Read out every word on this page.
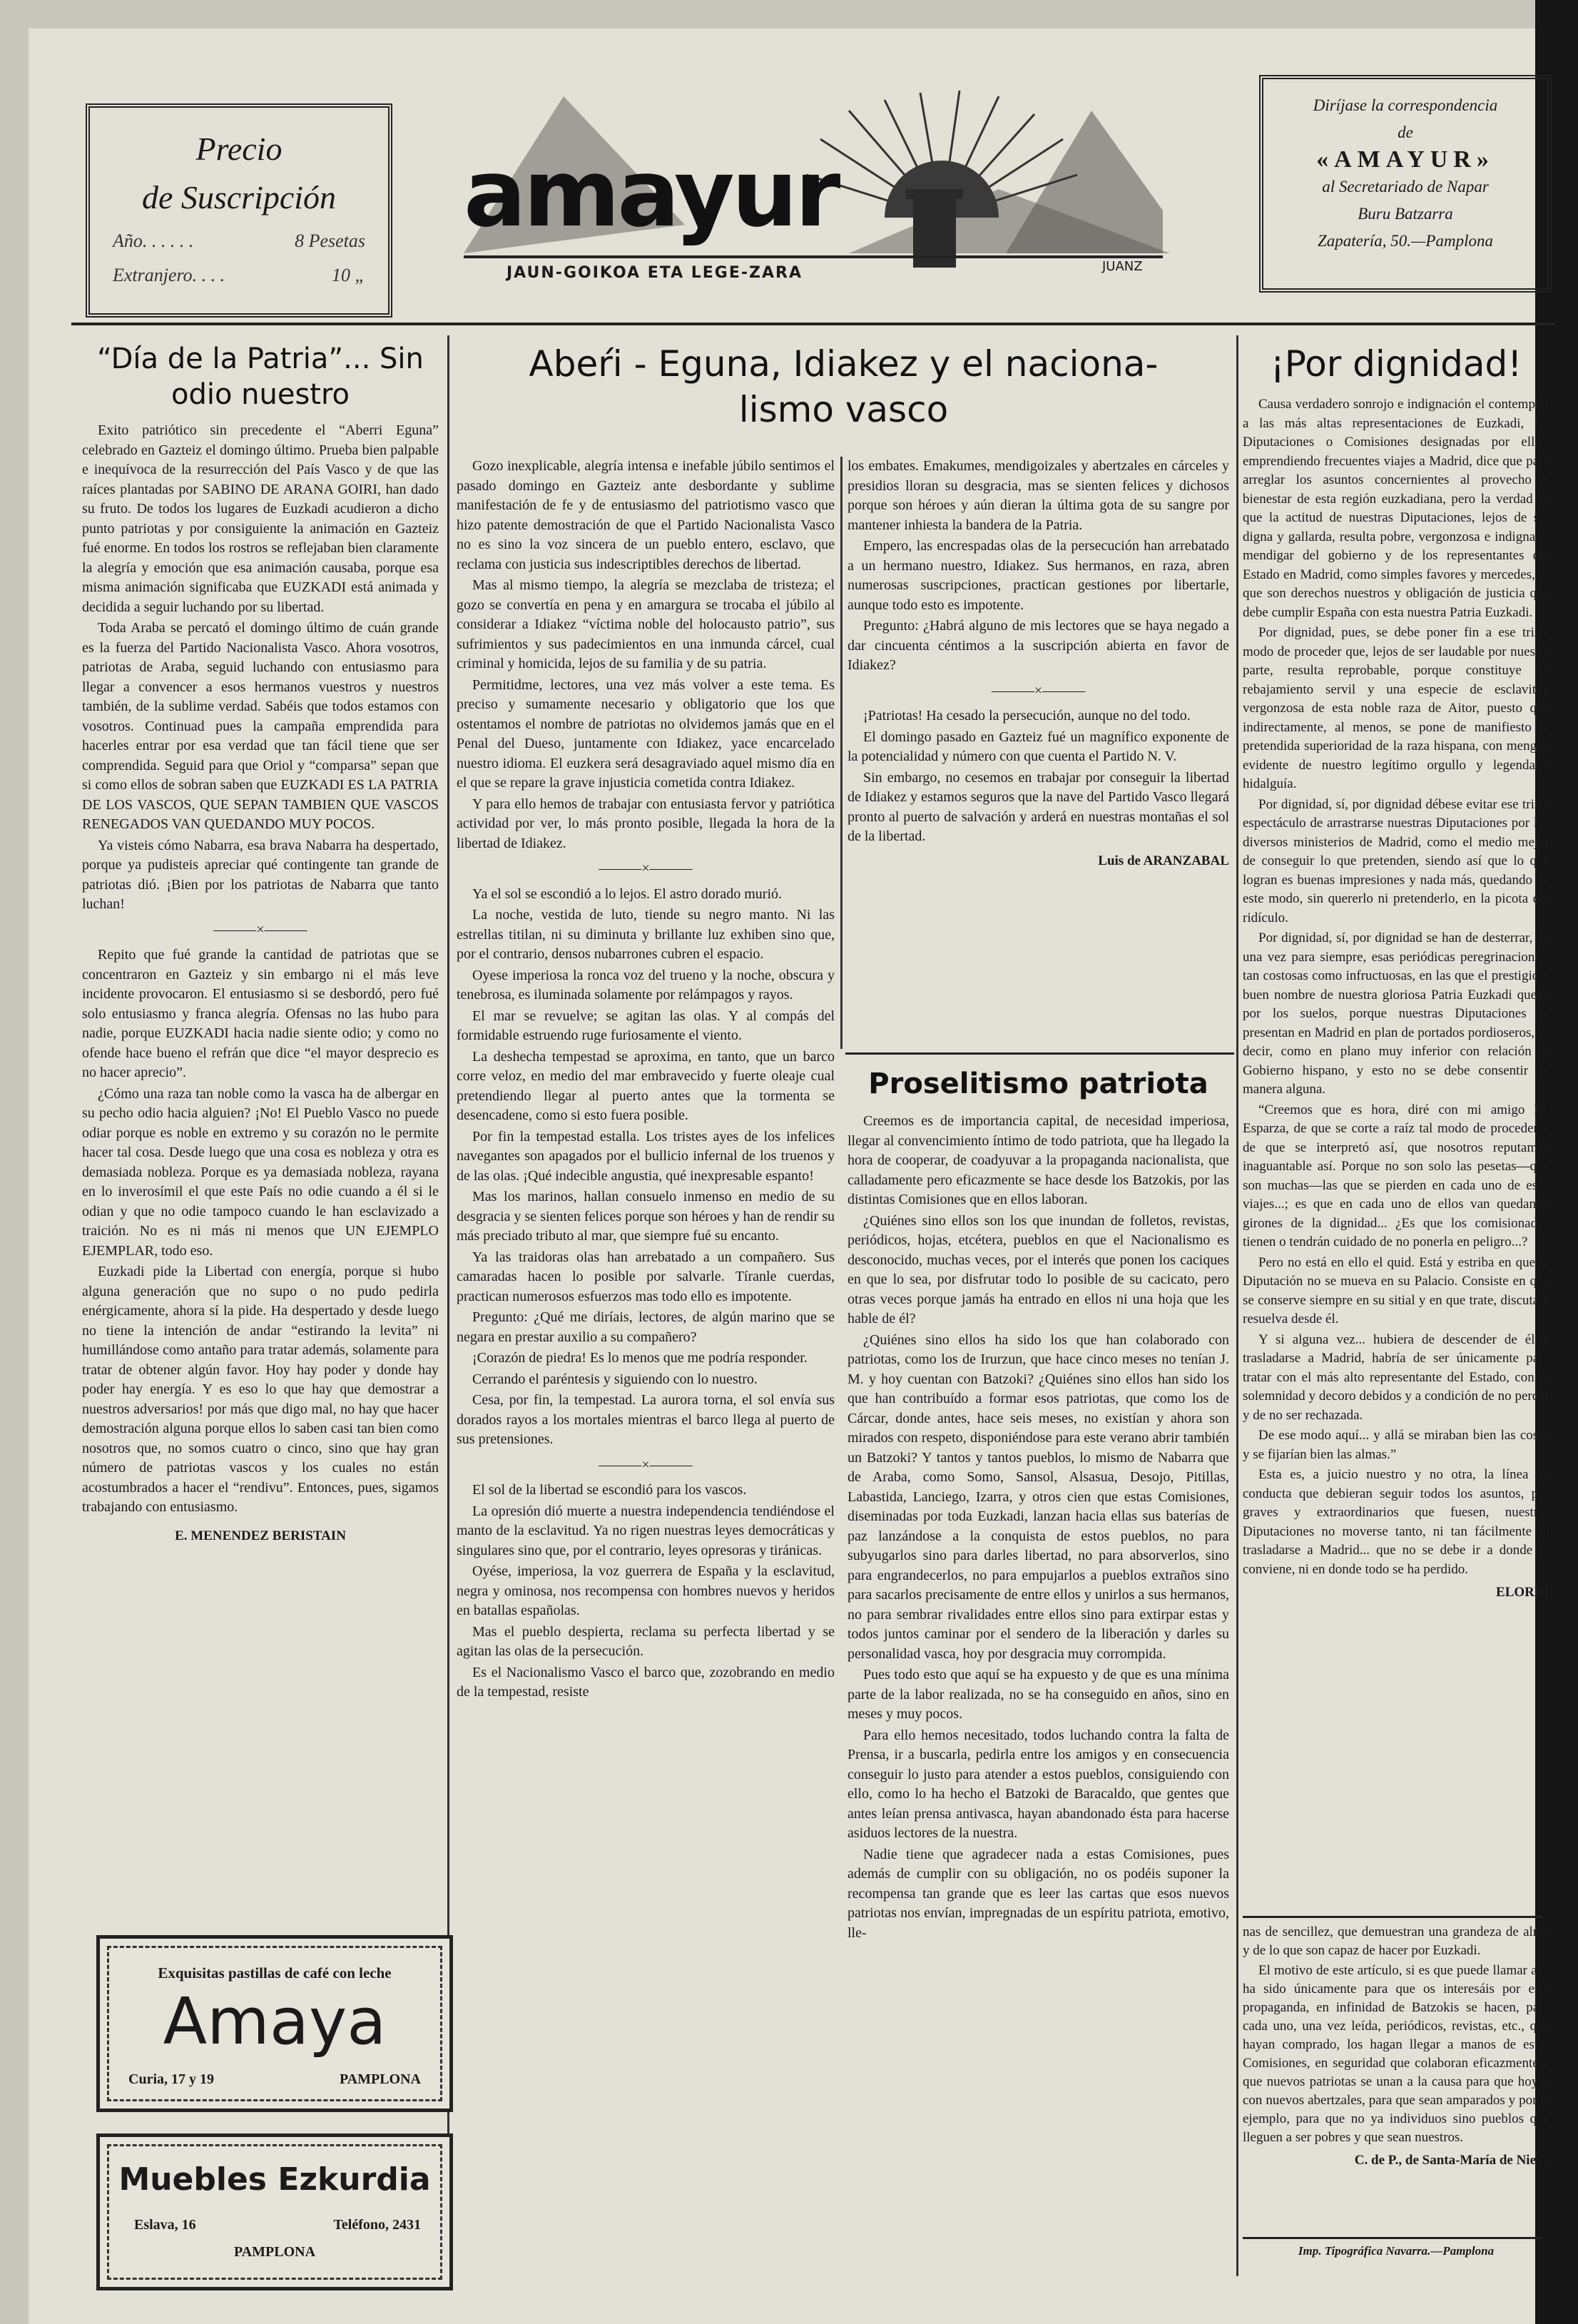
Precio
de Suscripción
Año. . . . . .	8 Pesetas
Extranjero. . . .	10 „
amayur
JAUN-GOIKOA ETA LEGE-ZARA	JUANZ
Diríjase la correspondencia
de
«AMAYUR»
al Secretariado de Napar
Buru Batzarra
Zapatería, 50.—Pamplona
“Día de la Patria”... Sin odio nuestro

Exito patriótico sin precedente el “Aberri Eguna” celebrado en Gazteiz el domingo último. Prueba bien palpable e inequívoca de la resurrección del País Vasco y de que las raíces plantadas por SABINO DE ARANA GOIRI, han dado su fruto. De todos los lugares de Euzkadi acudieron a dicho punto patriotas y por consiguiente la animación en Gazteiz fué enorme. En todos los rostros se reflejaban bien claramente la alegría y emoción que esa animación causaba, porque esa misma animación significaba que EUZKADI está animada y decidida a seguir luchando por su libertad.

Toda Araba se percató el domingo último de cuán grande es la fuerza del Partido Nacionalista Vasco. Ahora vosotros, patriotas de Araba, seguid luchando con entusiasmo para llegar a convencer a esos hermanos vuestros y nuestros también, de la sublime verdad. Sabéis que todos estamos con vosotros. Continuad pues la campaña emprendida para hacerles entrar por esa verdad que tan fácil tiene que ser comprendida. Seguid para que Oriol y “comparsa” sepan que si como ellos de sobran saben que EUZKADI ES LA PATRIA DE LOS VASCOS, QUE SEPAN TAMBIEN QUE VASCOS RENEGADOS VAN QUEDANDO MUY POCOS.

Ya visteis cómo Nabarra, esa brava Nabarra ha despertado, porque ya pudisteis apreciar qué contingente tan grande de patriotas dió. ¡Bien por los patriotas de Nabarra que tanto luchan!

———×———

Repito que fué grande la cantidad de patriotas que se concentraron en Gazteiz y sin embargo ni el más leve incidente provocaron. El entusiasmo si se desbordó, pero fué solo entusiasmo y franca alegría. Ofensas no las hubo para nadie, porque EUZKADI hacia nadie siente odio; y como no ofende hace bueno el refrán que dice “el mayor desprecio es no hacer aprecio”.

¿Cómo una raza tan noble como la vasca ha de albergar en su pecho odio hacia alguien? ¡No! El Pueblo Vasco no puede odiar porque es noble en extremo y su corazón no le permite hacer tal cosa. Desde luego que una cosa es nobleza y otra es demasiada nobleza. Porque es ya demasiada nobleza, rayana en lo inverosímil el que este País no odie cuando a él si le odian y que no odie tampoco cuando le han esclavizado a traición. No es ni más ni menos que UN EJEMPLO EJEMPLAR, todo eso.

Euzkadi pide la Libertad con energía, porque si hubo alguna generación que no supo o no pudo pedirla enérgicamente, ahora sí la pide. Ha despertado y desde luego no tiene la intención de andar “estirando la levita” ni humillándose como antaño para tratar además, solamente para tratar de obtener algún favor. Hoy hay poder y donde hay poder hay energía. Y es eso lo que hay que demostrar a nuestros adversarios! por más que digo mal, no hay que hacer demostración alguna porque ellos lo saben casi tan bien como nosotros que, no somos cuatro o cinco, sino que hay gran número de patriotas vascos y los cuales no están acostumbrados a hacer el “rendivu”. Entonces, pues, sigamos trabajando con entusiasmo.

E. MENENDEZ BERISTAIN
Exquisitas pastillas de café con leche
Amaya
Curia, 17 y 19	PAMPLONA
Muebles Ezkurdia
Eslava, 16	Teléfono, 2431
PAMPLONA
Abeŕi - Eguna, Idiakez y el naciona-
lismo vasco

Gozo inexplicable, alegría intensa e inefable júbilo sentimos el pasado domingo en Gazteiz ante desbordante y sublime manifestación de fe y de entusiasmo del patriotismo vasco que hizo patente demostración de que el Partido Nacionalista Vasco no es sino la voz sincera de un pueblo entero, esclavo, que reclama con justicia sus indescriptibles derechos de libertad.

Mas al mismo tiempo, la alegría se mezclaba de tristeza; el gozo se convertía en pena y en amargura se trocaba el júbilo al considerar a Idiakez “víctima noble del holocausto patrio”, sus sufrimientos y sus padecimientos en una inmunda cárcel, cual criminal y homicida, lejos de su familia y de su patria.

Permitidme, lectores, una vez más volver a este tema. Es preciso y sumamente necesario y obligatorio que los que ostentamos el nombre de patriotas no olvidemos jamás que en el Penal del Dueso, juntamente con Idiakez, yace encarcelado nuestro idioma. El euzkera será desagraviado aquel mismo día en el que se repare la grave injusticia cometida contra Idiakez.

Y para ello hemos de trabajar con entusiasta fervor y patriótica actividad por ver, lo más pronto posible, llegada la hora de la libertad de Idiakez.

———×———

Ya el sol se escondió a lo lejos. El astro dorado murió.

La noche, vestida de luto, tiende su negro manto. Ni las estrellas titilan, ni su diminuta y brillante luz exhiben sino que, por el contrario, densos nubarrones cubren el espacio.

Oyese imperiosa la ronca voz del trueno y la noche, obscura y tenebrosa, es iluminada solamente por relámpagos y rayos.

El mar se revuelve; se agitan las olas. Y al compás del formidable estruendo ruge furiosamente el viento.

La deshecha tempestad se aproxima, en tanto, que un barco corre veloz, en medio del mar embravecido y fuerte oleaje cual pretendiendo llegar al puerto antes que la tormenta se desencadene, como si esto fuera posible.

Por fin la tempestad estalla. Los tristes ayes de los infelices navegantes son apagados por el bullicio infernal de los truenos y de las olas. ¡Qué indecible angustia, qué inexpresable espanto!

Mas los marinos, hallan consuelo inmenso en medio de su desgracia y se sienten felices porque son héroes y han de rendir su más preciado tributo al mar, que siempre fué su encanto.

Ya las traidoras olas han arrebatado a un compañero. Sus camaradas hacen lo posible por salvarle. Tíranle cuerdas, practican numerosos esfuerzos mas todo ello es impotente.

Pregunto: ¿Qué me diríais, lectores, de algún marino que se negara en prestar auxilio a su compañero?

¡Corazón de piedra! Es lo menos que me podría responder.

Cerrando el paréntesis y siguiendo con lo nuestro.

Cesa, por fin, la tempestad. La aurora torna, el sol envía sus dorados rayos a los mortales mientras el barco llega al puerto de sus pretensiones.

———×———

El sol de la libertad se escondió para los vascos.

La opresión dió muerte a nuestra independencia tendiéndose el manto de la esclavitud. Ya no rigen nuestras leyes democráticas y singulares sino que, por el contrario, leyes opresoras y tiránicas.

Oyése, imperiosa, la voz guerrera de España y la esclavitud, negra y ominosa, nos recompensa con hombres nuevos y heridos en batallas españolas.

Mas el pueblo despierta, reclama su perfecta libertad y se agitan las olas de la persecución.

Es el Nacionalismo Vasco el barco que, zozobrando en medio de la tempestad, resiste

los embates. Emakumes, mendigoizales y abertzales en cárceles y presidios lloran su desgracia, mas se sienten felices y dichosos porque son héroes y aún dieran la última gota de su sangre por mantener inhiesta la bandera de la Patria.

Empero, las encrespadas olas de la persecución han arrebatado a un hermano nuestro, Idiakez. Sus hermanos, en raza, abren numerosas suscripciones, practican gestiones por libertarle, aunque todo esto es impotente.

Pregunto: ¿Habrá alguno de mis lectores que se haya negado a dar cincuenta céntimos a la suscripción abierta en favor de Idiakez?

———×———

¡Patriotas! Ha cesado la persecución, aunque no del todo.

El domingo pasado en Gazteiz fué un magnífico exponente de la potencialidad y número con que cuenta el Partido N. V.

Sin embargo, no cesemos en trabajar por conseguir la libertad de Idiakez y estamos seguros que la nave del Partido Vasco llegará pronto al puerto de salvación y arderá en nuestras montañas el sol de la libertad.

Luis de ARANZABAL
Proselitismo patriota

Creemos es de importancia capital, de necesidad imperiosa, llegar al convencimiento íntimo de todo patriota, que ha llegado la hora de cooperar, de coadyuvar a la propaganda nacionalista, que calladamente pero eficazmente se hace desde los Batzokis, por las distintas Comisiones que en ellos laboran.

¿Quiénes sino ellos son los que inundan de folletos, revistas, periódicos, hojas, etcétera, pueblos en que el Nacionalismo es desconocido, muchas veces, por el interés que ponen los caciques en que lo sea, por disfrutar todo lo posible de su cacicato, pero otras veces porque jamás ha entrado en ellos ni una hoja que les hable de él?

¿Quiénes sino ellos ha sido los que han colaborado con patriotas, como los de Irurzun, que hace cinco meses no tenían J. M. y hoy cuentan con Batzoki? ¿Quiénes sino ellos han sido los que han contribuído a formar esos patriotas, que como los de Cárcar, donde antes, hace seis meses, no existían y ahora son mirados con respeto, disponiéndose para este verano abrir también un Batzoki? Y tantos y tantos pueblos, lo mismo de Nabarra que de Araba, como Somo, Sansol, Alsasua, Desojo, Pitillas, Labastida, Lanciego, Izarra, y otros cien que estas Comisiones, diseminadas por toda Euzkadi, lanzan hacia ellas sus baterías de paz lanzándose a la conquista de estos pueblos, no para subyugarlos sino para darles libertad, no para absorverlos, sino para engrandecerlos, no para empujarlos a pueblos extraños sino para sacarlos precisamente de entre ellos y unirlos a sus hermanos, no para sembrar rivalidades entre ellos sino para extirpar estas y todos juntos caminar por el sendero de la liberación y darles su personalidad vasca, hoy por desgracia muy corrompida.

Pues todo esto que aquí se ha expuesto y de que es una mínima parte de la labor realizada, no se ha conseguido en años, sino en meses y muy pocos.

Para ello hemos necesitado, todos luchando contra la falta de Prensa, ir a buscarla, pedirla entre los amigos y en consecuencia conseguir lo justo para atender a estos pueblos, consiguiendo con ello, como lo ha hecho el Batzoki de Baracaldo, que gentes que antes leían prensa antivasca, hayan abandonado ésta para hacerse asiduos lectores de la nuestra.

Nadie tiene que agradecer nada a estas Comisiones, pues además de cumplir con su obligación, no os podéis suponer la recompensa tan grande que es leer las cartas que esos nuevos patriotas nos envían, impregnadas de un espíritu patriota, emotivo, lle-

¡Por dignidad!

Causa verdadero sonrojo e indignación el contemplar a las más altas representaciones de Euzkadi, las Diputaciones o Comisiones designadas por ellas, emprendiendo frecuentes viajes a Madrid, dice que para arreglar los asuntos concernientes al provecho y bienestar de esta región euzkadiana, pero la verdad es que la actitud de nuestras Diputaciones, lejos de ser digna y gallarda, resulta pobre, vergonzosa e indigna al mendigar del gobierno y de los representantes del Estado en Madrid, como simples favores y mercedes, lo que son derechos nuestros y obligación de justicia que debe cumplir España con esta nuestra Patria Euzkadi.

Por dignidad, pues, se debe poner fin a ese triste modo de proceder que, lejos de ser laudable por nuestra parte, resulta reprobable, porque constituye un rebajamiento servil y una especie de esclavitud vergonzosa de esta noble raza de Aitor, puesto que indirectamente, al menos, se pone de manifiesto la pretendida superioridad de la raza hispana, con mengua evidente de nuestro legítimo orgullo y legendaria hidalguía.

Por dignidad, sí, por dignidad débese evitar ese triste espectáculo de arrastrarse nuestras Diputaciones por los diversos ministerios de Madrid, como el medio mejor de conseguir lo que pretenden, siendo así que lo que logran es buenas impresiones y nada más, quedando de este modo, sin quererlo ni pretenderlo, en la picota del ridículo.

Por dignidad, sí, por dignidad se han de desterrar, de una vez para siempre, esas periódicas peregrinaciones, tan costosas como infructuosas, en las que el prestigio y buen nombre de nuestra gloriosa Patria Euzkadi queda por los suelos, porque nuestras Diputaciones se presentan en Madrid en plan de portados pordioseros, es decir, como en plano muy inferior con relación al Gobierno hispano, y esto no se debe consentir de manera alguna.

“Creemos que es hora, diré con mi amigo M. Esparza, de que se corte a raíz tal modo de proceder y de que se interpretó así, que nosotros reputamos inaguantable así. Porque no son solo las pesetas—que son muchas—las que se pierden en cada uno de esos viajes...; es que en cada uno de ellos van quedando girones de la dignidad... ¿Es que los comisionados tienen o tendrán cuidado de no ponerla en peligro...?

Pero no está en ello el quid. Está y estriba en que la Diputación no se mueva en su Palacio. Consiste en que se conserve siempre en su sitial y en que trate, discuta y resuelva desde él.

Y si alguna vez... hubiera de descender de él y trasladarse a Madrid, habría de ser únicamente para tratar con el más alto representante del Estado, con la solemnidad y decoro debidos y a condición de no perder y de no ser rechazada.

De ese modo aquí... y allá se miraban bien las cosas y se fijarían bien las almas.”

Esta es, a juicio nuestro y no otra, la línea de conducta que debieran seguir todos los asuntos, por graves y extraordinarios que fuesen, nuestras Diputaciones no moverse tanto, ni tan fácilmente ni trasladarse a Madrid... que no se debe ir a donde ni conviene, ni en donde todo se ha perdido.

ELORRI

nas de sencillez, que demuestran una grandeza de alma y de lo que son capaz de hacer por Euzkadi.

El motivo de este artículo, si es que puede llamar así, ha sido únicamente para que os interesáis por esta propaganda, en infinidad de Batzokis se hacen, para cada uno, una vez leída, periódicos, revistas, etc., que hayan comprado, los hagan llegar a manos de estas Comisiones, en seguridad que colaboran eficazmente a que nuevos patriotas se unan a la causa para que hoy ó con nuevos abertzales, para que sean amparados y por si ejemplo, para que no ya individuos sino pueblos que lleguen a ser pobres y que sean nuestros.

C. de P., de Santa-María de Nieva
Imp. Tipográfica Navarra.—Pamplona
